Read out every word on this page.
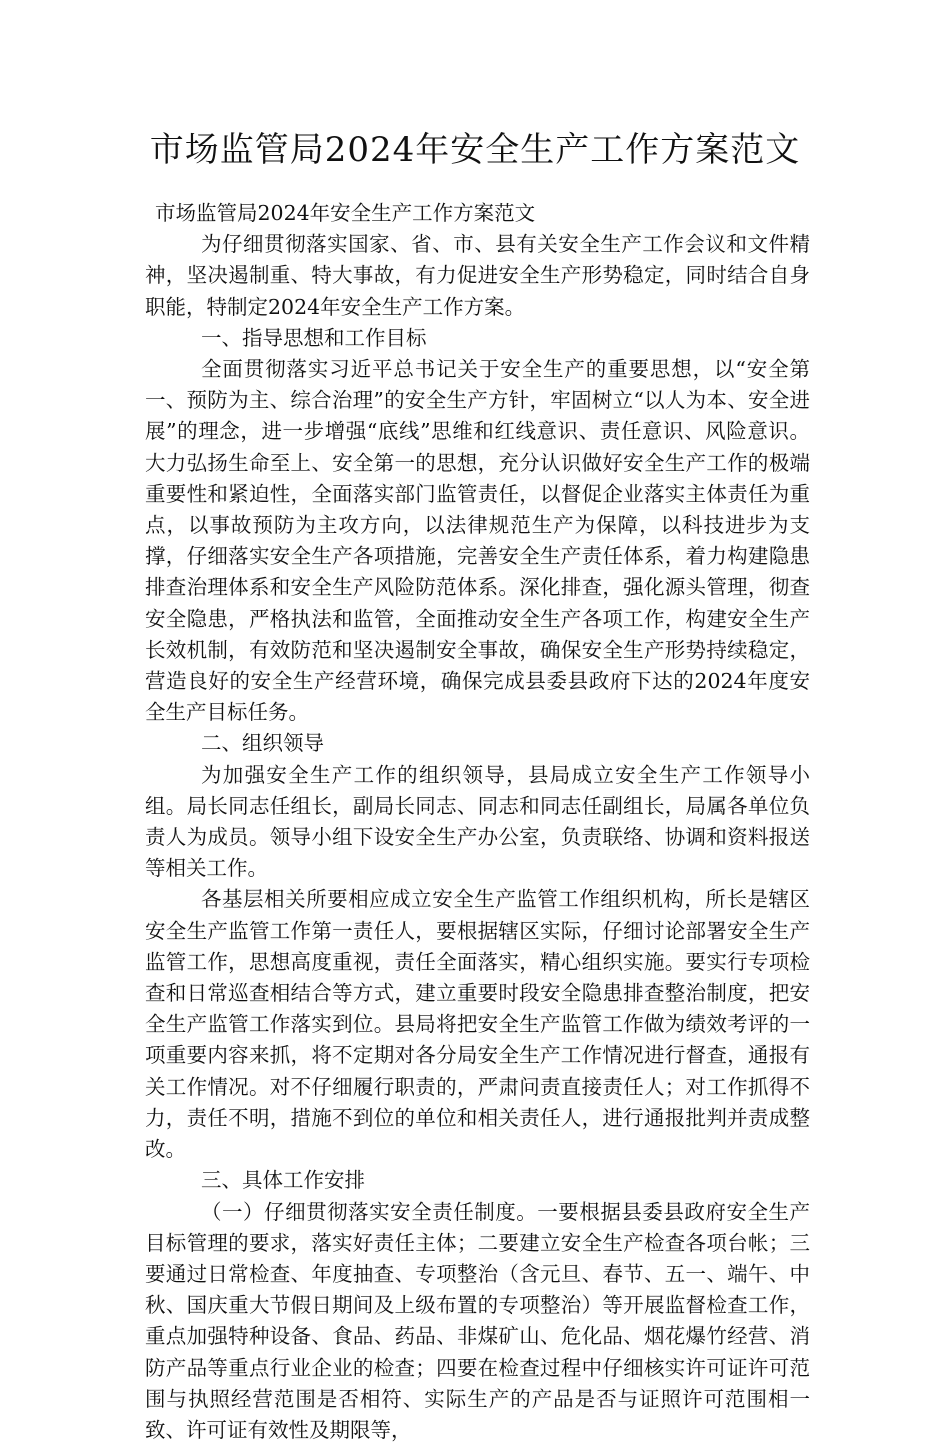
市场监管局2024年安全生产工作方案范文

市场监管局2024年安全生产工作方案范文

为仔细贯彻落实国家、省、市、县有关安全生产工作会议和文件精神，坚决遏制重、特大事故，有力促进安全生产形势稳定，同时结合自身职能，特制定2024年安全生产工作方案。

一、指导思想和工作目标

全面贯彻落实习近平总书记关于安全生产的重要思想，以“安全第一、预防为主、综合治理”的安全生产方针，牢固树立“以人为本、安全进展”的理念，进一步增强“底线”思维和红线意识、责任意识、风险意识。大力弘扬生命至上、安全第一的思想，充分认识做好安全生产工作的极端重要性和紧迫性，全面落实部门监管责任，以督促企业落实主体责任为重点，以事故预防为主攻方向，以法律规范生产为保障，以科技进步为支撑，仔细落实安全生产各项措施，完善安全生产责任体系，着力构建隐患排查治理体系和安全生产风险防范体系。深化排查，强化源头管理，彻查安全隐患，严格执法和监管，全面推动安全生产各项工作，构建安全生产长效机制，有效防范和坚决遏制安全事故，确保安全生产形势持续稳定，营造良好的安全生产经营环境，确保完成县委县政府下达的2024年度安全生产目标任务。

二、组织领导

为加强安全生产工作的组织领导，县局成立安全生产工作领导小组。局长同志任组长，副局长同志、同志和同志任副组长，局属各单位负责人为成员。领导小组下设安全生产办公室，负责联络、协调和资料报送等相关工作。

各基层相关所要相应成立安全生产监管工作组织机构，所长是辖区安全生产监管工作第一责任人，要根据辖区实际，仔细讨论部署安全生产监管工作，思想高度重视，责任全面落实，精心组织实施。要实行专项检查和日常巡查相结合等方式，建立重要时段安全隐患排查整治制度，把安全生产监管工作落实到位。县局将把安全生产监管工作做为绩效考评的一项重要内容来抓，将不定期对各分局安全生产工作情况进行督查，通报有关工作情况。对不仔细履行职责的，严肃问责直接责任人；对工作抓得不力，责任不明，措施不到位的单位和相关责任人，进行通报批判并责成整改。

三、具体工作安排

（一）仔细贯彻落实安全责任制度。一要根据县委县政府安全生产目标管理的要求，落实好责任主体；二要建立安全生产检查各项台帐；三要通过日常检查、年度抽查、专项整治（含元旦、春节、五一、端午、中秋、国庆重大节假日期间及上级布置的专项整治）等开展监督检查工作，重点加强特种设备、食品、药品、非煤矿山、危化品、烟花爆竹经营、消防产品等重点行业企业的检查；四要在检查过程中仔细核实许可证许可范围与执照经营范围是否相符、实际生产的产品是否与证照许可范围相一致、许可证有效性及期限等，
